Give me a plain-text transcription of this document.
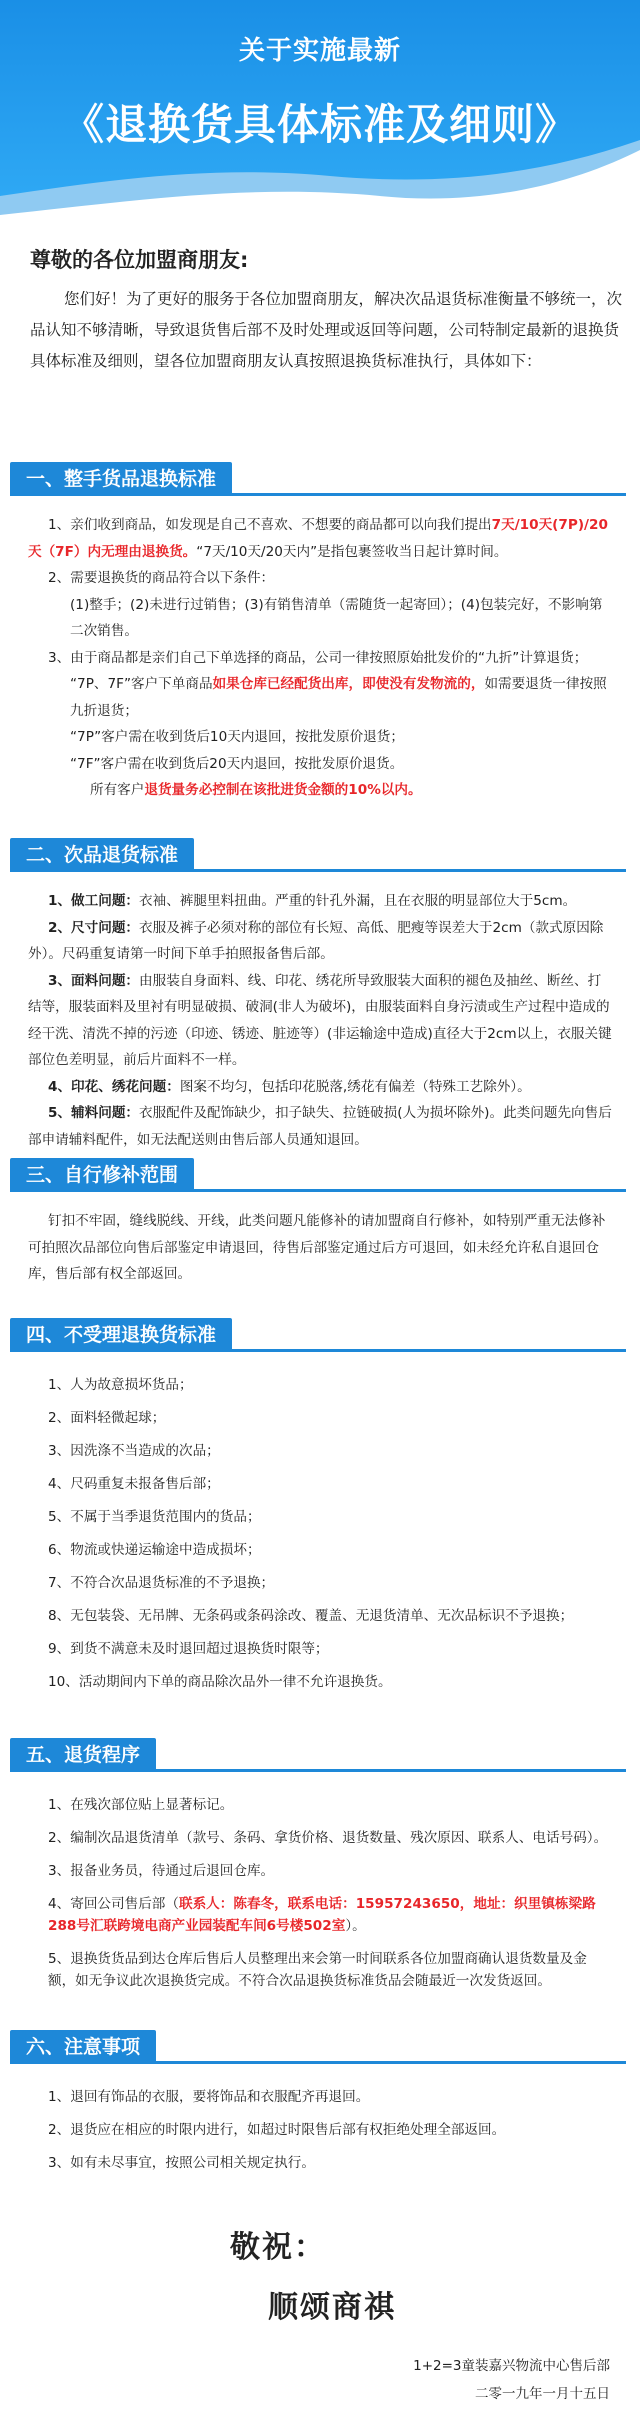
关于实施最新
《退换货具体标准及细则》
尊敬的各位加盟商朋友:
您们好！为了更好的服务于各位加盟商朋友，解决次品退货标准衡量不够统一，次品认知不够清晰，导致退货售后部不及时处理或返回等问题，公司特制定最新的退换货具体标准及细则，望各位加盟商朋友认真按照退换货标准执行，具体如下：
一、整手货品退换标准

1、亲们收到商品，如发现是自己不喜欢、不想要的商品都可以向我们提出7天/10天(7P)/20天（7F）内无理由退换货。“7天/10天/20天内”是指包裹签收当日起计算时间。

2、需要退换货的商品符合以下条件：

(1)整手；(2)未进行过销售；(3)有销售清单（需随货一起寄回）；(4)包装完好，不影响第二次销售。

3、由于商品都是亲们自己下单选择的商品，公司一律按照原始批发价的“九折”计算退货；

“7P、7F”客户下单商品如果仓库已经配货出库，即使没有发物流的，如需要退货一律按照九折退货；

“7P”客户需在收到货后10天内退回，按批发原价退货；

“7F”客户需在收到货后20天内退回，按批发原价退货。

所有客户退货量务必控制在该批进货金额的10%以内。

二、次品退货标准

1、做工问题：衣袖、裤腿里料扭曲。严重的针孔外漏，且在衣服的明显部位大于5cm。

2、尺寸问题：衣服及裤子必须对称的部位有长短、高低、肥瘦等误差大于2cm（款式原因除外）。尺码重复请第一时间下单手拍照报备售后部。

3、面料问题：由服装自身面料、线、印花、绣花所导致服装大面积的褪色及抽丝、断丝、打结等，服装面料及里衬有明显破损、破洞(非人为破坏)，由服装面料自身污渍或生产过程中造成的经干洗、清洗不掉的污迹（印迹、锈迹、脏迹等）(非运输途中造成)直径大于2cm以上，衣服关键部位色差明显，前后片面料不一样。

4、印花、绣花问题：图案不均匀，包括印花脱落,绣花有偏差（特殊工艺除外）。

5、辅料问题：衣服配件及配饰缺少，扣子缺失、拉链破损(人为损坏除外)。此类问题先向售后部申请辅料配件，如无法配送则由售后部人员通知退回。

三、自行修补范围

钉扣不牢固，缝线脱线、开线，此类问题凡能修补的请加盟商自行修补，如特别严重无法修补可拍照次品部位向售后部鉴定申请退回，待售后部鉴定通过后方可退回，如未经允许私自退回仓库，售后部有权全部返回。

四、不受理退换货标准

1、人为故意损坏货品；

2、面料轻微起球；

3、因洗涤不当造成的次品；

4、尺码重复未报备售后部；

5、不属于当季退货范围内的货品；

6、物流或快递运输途中造成损坏；

7、不符合次品退货标准的不予退换；

8、无包装袋、无吊牌、无条码或条码涂改、覆盖、无退货清单、无次品标识不予退换；

9、到货不满意未及时退回超过退换货时限等；

10、活动期间内下单的商品除次品外一律不允许退换货。

五、退货程序

1、在残次部位贴上显著标记。

2、编制次品退货清单（款号、条码、拿货价格、退货数量、残次原因、联系人、电话号码）。

3、报备业务员，待通过后退回仓库。

4、寄回公司售后部（联系人：陈春冬，联系电话：15957243650，地址：织里镇栋梁路288号汇联跨境电商产业园装配车间6号楼502室）。

5、退换货货品到达仓库后售后人员整理出来会第一时间联系各位加盟商确认退货数量及金额，如无争议此次退换货完成。不符合次品退换货标准货品会随最近一次发货返回。

六、注意事项

1、退回有饰品的衣服，要将饰品和衣服配齐再退回。

2、退货应在相应的时限内进行，如超过时限售后部有权拒绝处理全部返回。

3、如有未尽事宜，按照公司相关规定执行。

敬祝：
顺颂商祺
1+2=3童装嘉兴物流中心售后部
二零一九年一月十五日
